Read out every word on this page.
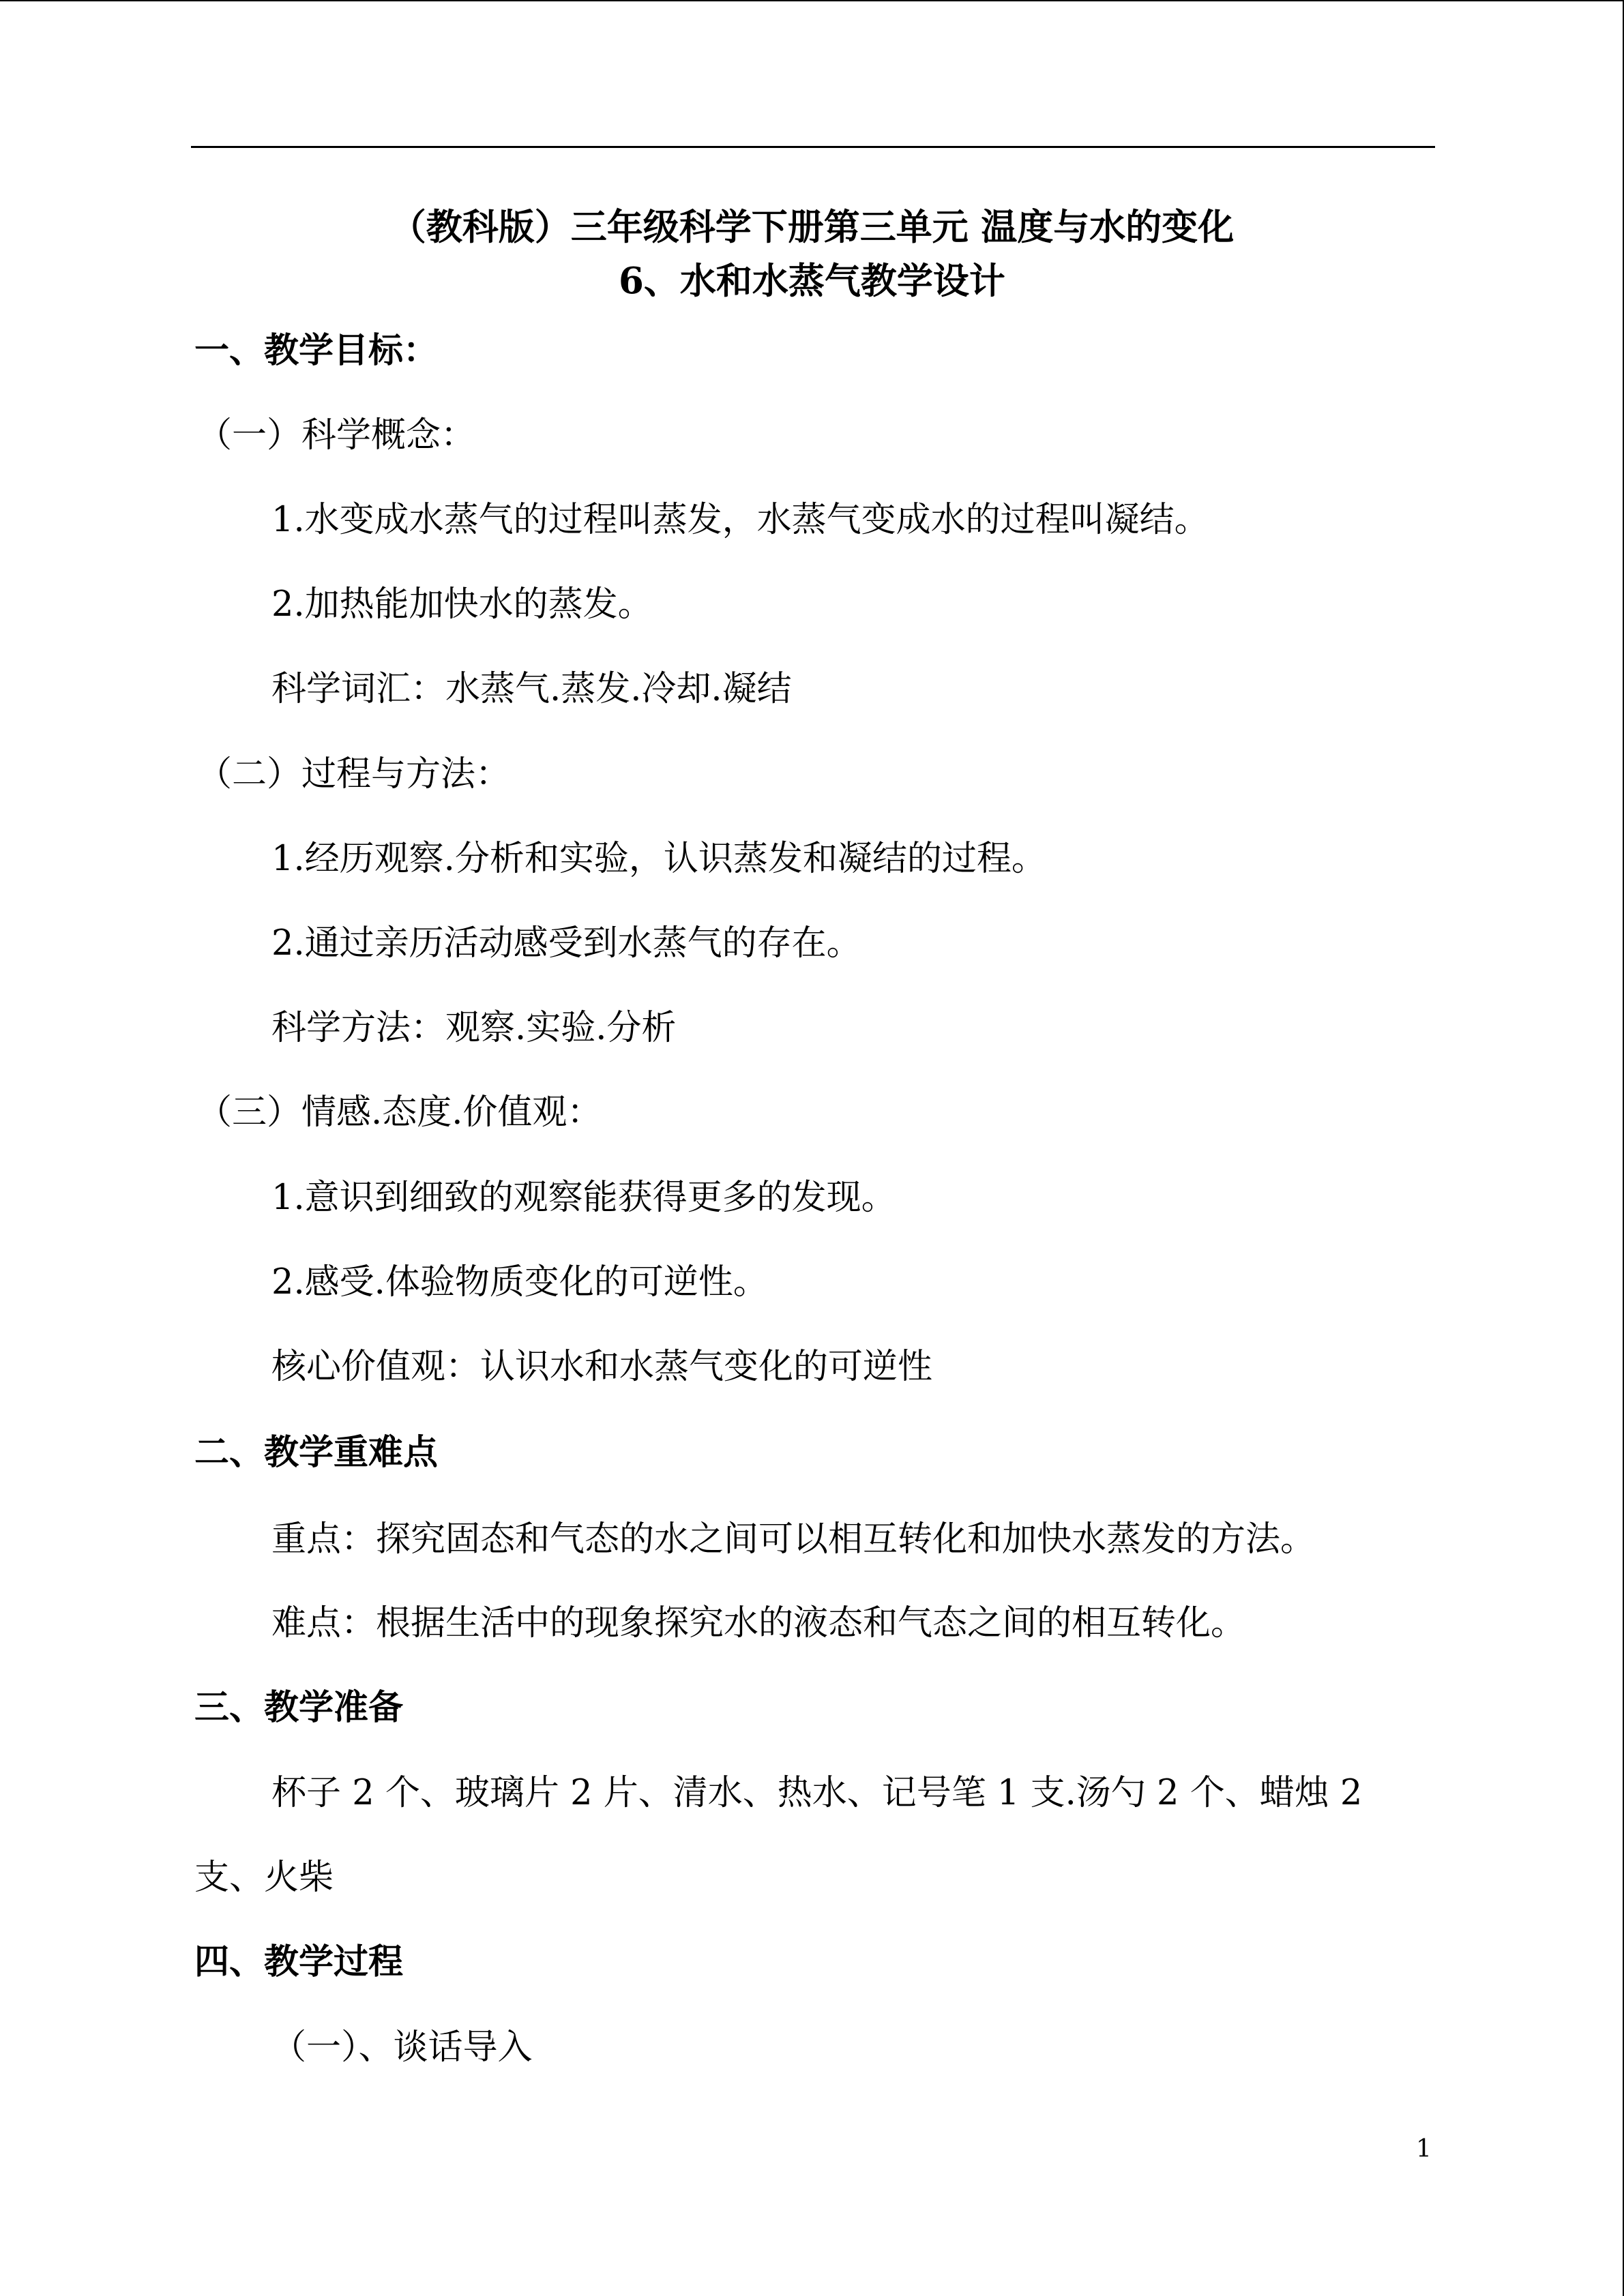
（教科版）三年级科学下册第三单元 温度与水的变化
6、水和水蒸气教学设计
一、教学目标：
（一）科学概念：
1.水变成水蒸气的过程叫蒸发，水蒸气变成水的过程叫凝结。
2.加热能加快水的蒸发。
科学词汇：水蒸气.蒸发.冷却.凝结
（二）过程与方法：
1.经历观察.分析和实验，认识蒸发和凝结的过程。
2.通过亲历活动感受到水蒸气的存在。
科学方法：观察.实验.分析
（三）情感.态度.价值观：
1.意识到细致的观察能获得更多的发现。
2.感受.体验物质变化的可逆性。
核心价值观：认识水和水蒸气变化的可逆性
二、教学重难点
重点：探究固态和气态的水之间可以相互转化和加快水蒸发的方法。
难点：根据生活中的现象探究水的液态和气态之间的相互转化。
三、教学准备
杯子 2 个、玻璃片 2 片、清水、热水、记号笔 1 支.汤勺 2 个、蜡烛 2
支、火柴
四、教学过程
（一）、谈话导入
1
